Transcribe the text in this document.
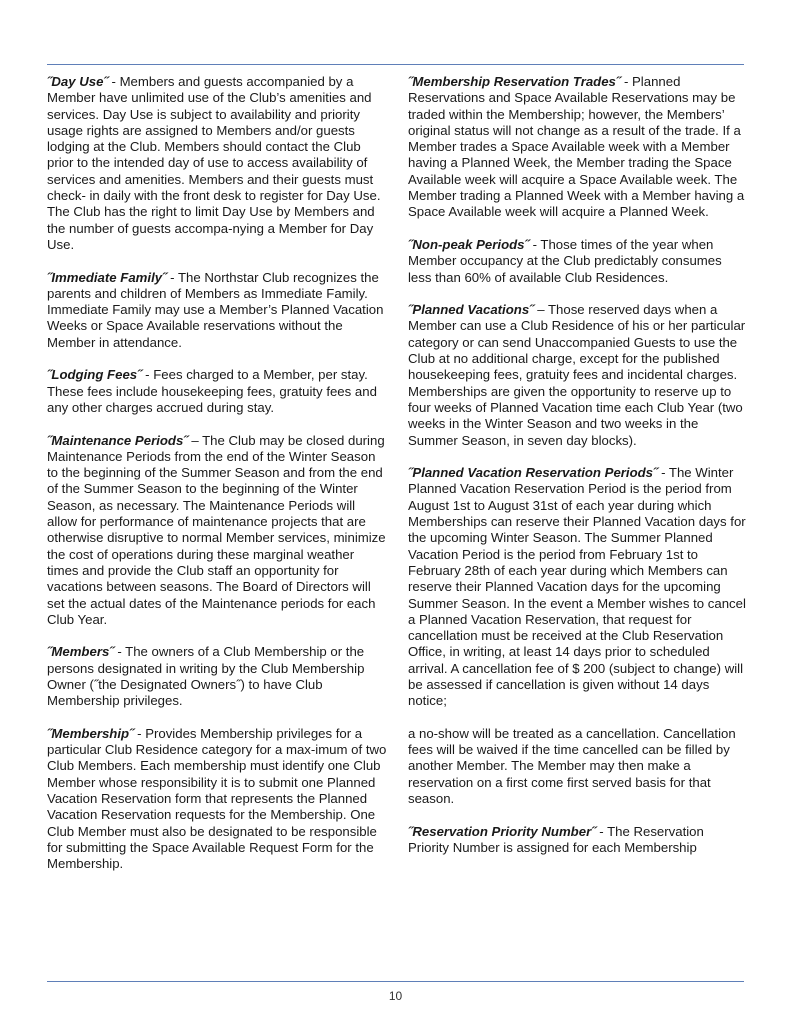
˝Day Use˝ - Members and guests accompanied by a Member have unlimited use of the Club’s amenities and services. Day Use is subject to availability and priority usage rights are assigned to Members and/or guests lodging at the Club. Members should contact the Club prior to the intended day of use to access availability of services and amenities. Members and their guests must check- in daily with the front desk to register for Day Use. The Club has the right to limit Day Use by Members and the number of guests accompa-nying a Member for Day Use.

˝Immediate Family˝ - The Northstar Club recognizes the parents and children of Members as Immediate Family. Immediate Family may use a Member’s Planned Vacation Weeks or Space Available reservations without the Member in attendance.

˝Lodging Fees˝ - Fees charged to a Member, per stay. These fees include housekeeping fees, gratuity fees and any other charges accrued during stay.

˝Maintenance Periods˝ – The Club may be closed during Maintenance Periods from the end of the Winter Season to the beginning of the Summer Season and from the end of the Summer Season to the beginning of the Winter Season, as necessary. The Maintenance Periods will allow for performance of maintenance projects that are otherwise disruptive to normal Member services, minimize the cost of operations during these marginal weather times and provide the Club staff an opportunity for vacations between seasons. The Board of Directors will set the actual dates of the Maintenance periods for each Club Year.

˝Members˝ - The owners of a Club Membership or the persons designated in writing by the Club Membership Owner (˝the Designated Owners˝) to have Club Membership privileges.

˝Membership˝ - Provides Membership privileges for a particular Club Residence category for a max-imum of two Club Members. Each membership must identify one Club Member whose responsibility it is to submit one Planned Vacation Reservation form that represents the Planned Vacation Reservation requests for the Membership. One Club Member must also be designated to be responsible for submitting the Space Available Request Form for the Membership.

˝Membership Reservation Trades˝ - Planned Reservations and Space Available Reservations may be traded within the Membership; however, the Members’ original status will not change as a result of the trade. If a Member trades a Space Available week with a Member having a Planned Week, the Member trading the Space Available week will acquire a Space Available week. The Member trading a Planned Week with a Member having a Space Available week will acquire a Planned Week.

˝Non-peak Periods˝ - Those times of the year when Member occupancy at the Club predictably consumes less than 60% of available Club Residences.

˝Planned Vacations˝ – Those reserved days when a Member can use a Club Residence of his or her particular category or can send Unaccompanied Guests to use the Club at no additional charge, except for the published housekeeping fees, gratuity fees and incidental charges. Memberships are given the opportunity to reserve up to four weeks of Planned Vacation time each Club Year (two weeks in the Winter Season and two weeks in the Summer Season, in seven day blocks).

˝Planned Vacation Reservation Periods˝ - The Winter Planned Vacation Reservation Period is the period from August 1st to August 31st of each year during which Memberships can reserve their Planned Vacation days for the upcoming Winter Season. The Summer Planned Vacation Period is the period from February 1st to February 28th of each year during which Members can reserve their Planned Vacation days for the upcoming Summer Season. In the event a Member wishes to cancel a Planned Vacation Reservation, that request for cancellation must be received at the Club Reservation Office, in writing, at least 14 days prior to scheduled arrival. A cancellation fee of $ 200 (subject to change) will be assessed if cancellation is given without 14 days notice;

a no-show will be treated as a cancellation. Cancellation fees will be waived if the time cancelled can be filled by another Member. The Member may then make a reservation on a first come first served basis for that season.

˝Reservation Priority Number˝ - The Reservation Priority Number is assigned for each Membership

10
